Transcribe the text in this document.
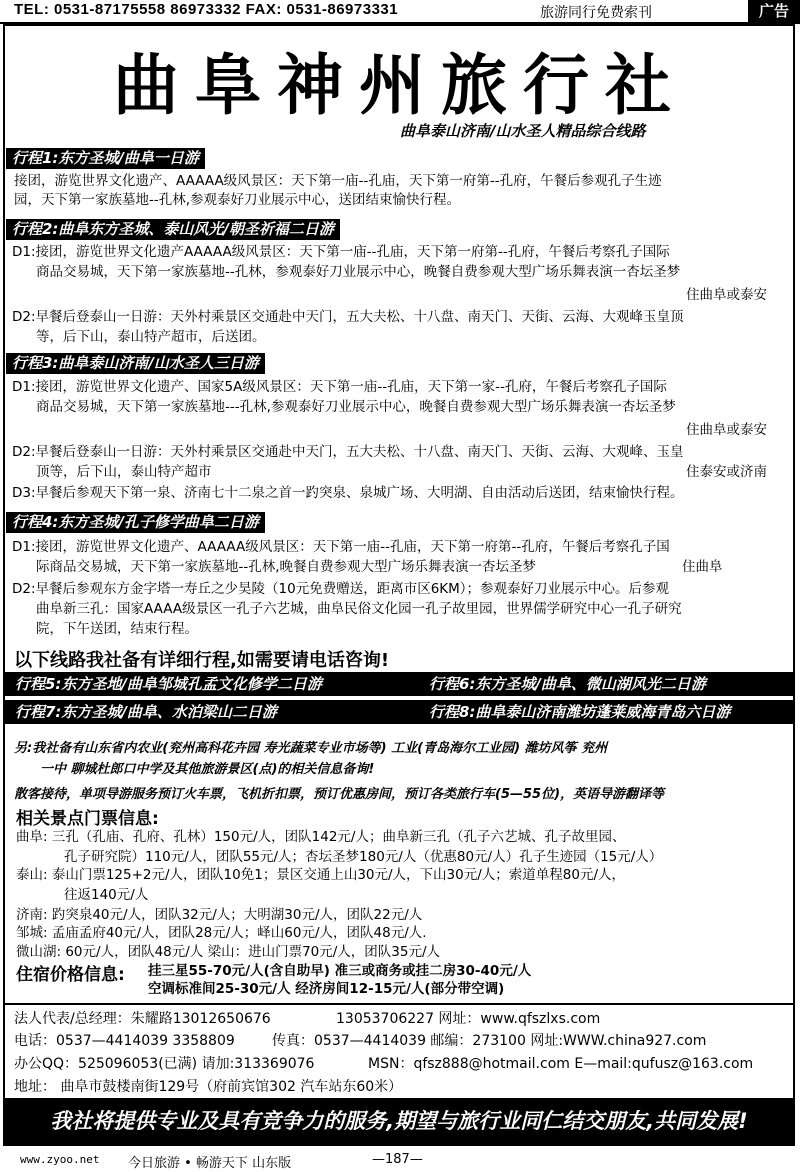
TEL: 0531-87175558 86973332 FAX: 0531-86973331	旅游同行免费索刊	广告
曲阜神州旅行社
曲阜泰山济南/山水圣人精品综合线路
行程1:东方圣城/曲阜一日游
接团，游览世界文化遗产、AAAAA级风景区：天下第一庙--孔庙，天下第一府第--孔府，午餐后参观孔子生迹
园，天下第一家族墓地--孔林,参观泰好刀业展示中心，送团结束愉快行程。
行程2:曲阜东方圣城、泰山风光/朝圣祈福二日游
D1:接团，游览世界文化遗产AAAAA级风景区：天下第一庙--孔庙，天下第一府第--孔府，午餐后考察孔子国际
商品交易城，天下第一家族墓地--孔林，参观泰好刀业展示中心，晚餐自费参观大型广场乐舞表演一杏坛圣梦
住曲阜或泰安
D2:早餐后登泰山一日游：天外村乘景区交通赴中天门，五大夫松、十八盘、南天门、天街、云海、大观峰玉皇顶
等，后下山，泰山特产超市，后送团。
行程3:曲阜泰山济南/山水圣人三日游
D1:接团，游览世界文化遗产、国家5A级风景区：天下第一庙--孔庙，天下第一家--孔府，午餐后考察孔子国际
商品交易城，天下第一家族墓地---孔林,参观泰好刀业展示中心，晚餐自费参观大型广场乐舞表演一杏坛圣梦
住曲阜或泰安
D2:早餐后登泰山一日游：天外村乘景区交通赴中天门，五大夫松、十八盘、南天门、天街、云海、大观峰、玉皇
顶等，后下山，泰山特产超市	住泰安或济南
D3:早餐后参观天下第一泉、济南七十二泉之首一趵突泉、泉城广场、大明湖、自由活动后送团，结束愉快行程。
行程4:东方圣城/孔子修学曲阜二日游
D1:接团，游览世界文化遗产、AAAAA级风景区：天下第一庙--孔庙，天下第一府第--孔府，午餐后考察孔子国
际商品交易城，天下第一家族墓地--孔林,晚餐自费参观大型广场乐舞表演一杏坛圣梦	住曲阜
D2:早餐后参观东方金字塔一寿丘之少昊陵（10元免费赠送，距离市区6KM）；参观泰好刀业展示中心。后参观
曲阜新三孔：国家AAAA级景区一孔子六艺城，曲阜民俗文化园一孔子故里园，世界儒学研究中心一孔子研究
院，下午送团，结束行程。
以下线路我社备有详细行程,如需要请电话咨询!
行程5:东方圣地/曲阜邹城孔孟文化修学二日游	行程6:东方圣城/曲阜、微山湖风光二日游
行程7:东方圣城/曲阜、水泊梁山二日游	行程8:曲阜泰山济南潍坊蓬莱威海青岛六日游
另:我社备有山东省内农业(兖州高科花卉园 寿光蔬菜专业市场等) 工业(青岛海尔工业园) 潍坊风筝 兖州
一中 聊城杜郎口中学及其他旅游景区(点)的相关信息备询!
散客接待，单项导游服务预订火车票，飞机折扣票，预订优惠房间，预订各类旅行车(5—55位)，英语导游翻译等
相关景点门票信息:
曲阜: 三孔（孔庙、孔府、孔林）150元/人，团队142元/人；曲阜新三孔（孔子六艺城、孔子故里园、
孔子研究院）110元/人，团队55元/人；杏坛圣梦180元/人（优惠80元/人）孔子生迹园（15元/人）
泰山: 泰山门票125+2元/人，团队10免1；景区交通上山30元/人，下山30元/人；索道单程80元/人，
往返140元/人
济南: 趵突泉40元/人，团队32元/人；大明湖30元/人，团队22元/人
邹城: 孟庙孟府40元/人，团队28元/人；峄山60元/人，团队48元/人.
微山湖: 60元/人，团队48元/人 梁山：进山门票70元/人，团队35元/人
住宿价格信息: 挂三星55-70元/人(含自助早) 准三或商务或挂二房30-40元/人
空调标准间25-30元/人 经济房间12-15元/人(部分带空调)
法人代表/总经理：朱耀路13012650676	13053706227 网址：www.qfszlxs.com
电话：0537—4414039 3358809	传真：0537—4414039 邮编：273100 网址:WWW.china927.com
办公QQ：525096053(已满) 请加:313369076	MSN：qfsz888@hotmail.com E—mail:qufusz@163.com
地址： 曲阜市鼓楼南街129号（府前宾馆302 汽车站东60米）
我社将提供专业及具有竞争力的服务,期望与旅行业同仁结交朋友,共同发展!
www.zyoo.net 今日旅游 • 畅游天下 山东版	—187—
